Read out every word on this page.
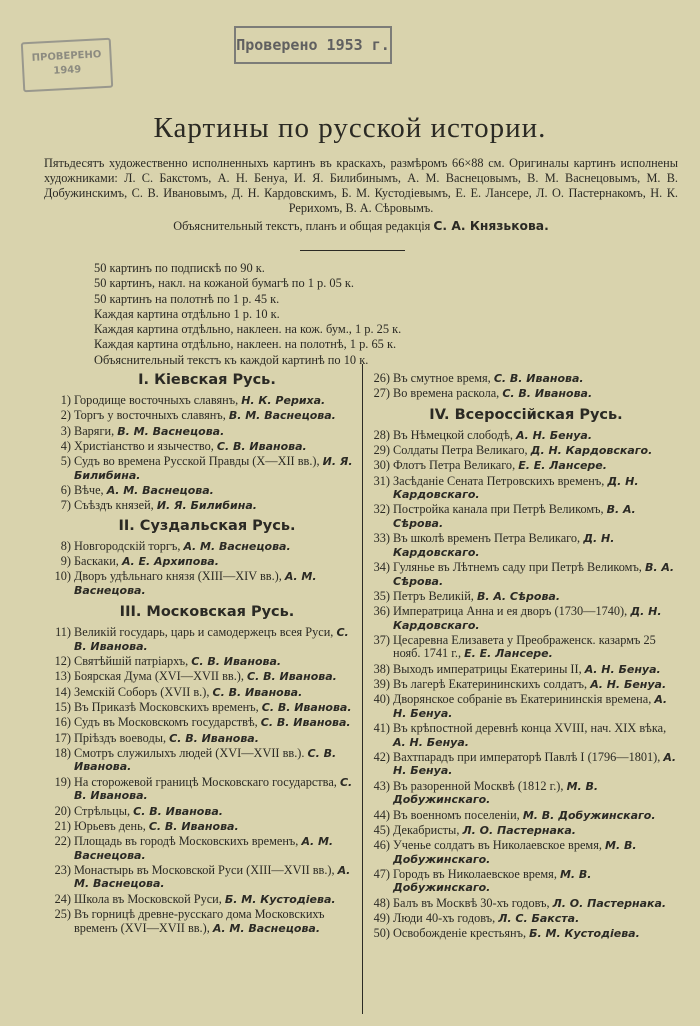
ПРОВЕРЕНО 1949
Проверено 1953 г.
Картины по русской истории.
Пятьдесятъ художественно исполненныхъ картинъ въ краскахъ, размѣромъ 66×88 см. Оригиналы картинъ исполнены художниками: Л. С. Бакстомъ, А. Н. Бенуа, И. Я. Билибинымъ, А. М. Васнецовымъ, В. М. Васнецовымъ, М. В. Добужинскимъ, С. В. Ивановымъ, Д. Н. Кардовскимъ, Б. М. Кустодіевымъ, Е. Е. Лансере, Л. О. Пастернакомъ, Н. К. Рерихомъ, В. А. Сѣровымъ.
Объяснительный текстъ, планъ и общая редакція С. А. Князькова.
50 картинъ по подпискѣ по 90 к.
50 картинъ, накл. на кожаной бумагѣ по 1 р. 05 к.
50 картинъ на полотнѣ по 1 р. 45 к.
Каждая картина отдѣльно 1 р. 10 к.
Каждая картина отдѣльно, наклеен. на кож. бум., 1 р. 25 к.
Каждая картина отдѣльно, наклеен. на полотнѣ, 1 р. 65 к.
Объяснительный текстъ къ каждой картинѣ по 10 к.
I. Кіевская Русь.
1) Городище восточныхъ славянъ, Н. К. Рериха.
2) Торгъ у восточныхъ славянъ, В. М. Васнецова.
3) Варяги, В. М. Васнецова.
4) Христіанство и язычество, С. В. Иванова.
5) Судъ во времена Русской Правды (X—XII вв.), И. Я. Билибина.
6) Вѣче, А. М. Васнецова.
7) Съѣздъ князей, И. Я. Билибина.
II. Суздальская Русь.
8) Новгородскій торгъ, А. М. Васнецова.
9) Баскаки, А. Е. Архипова.
10) Дворъ удѣльнаго князя (XIII—XIV вв.), А. М. Васнецова.
III. Московская Русь.
11) Великій государь, царь и самодержецъ всея Руси, С. В. Иванова.
12) Святѣйшій патріархъ, С. В. Иванова.
13) Боярская Дума (XVI—XVII вв.), С. В. Иванова.
14) Земскій Соборъ (XVII в.), С. В. Иванова.
15) Въ Приказѣ Московскихъ временъ, С. В. Иванова.
16) Судъ въ Московскомъ государствѣ, С. В. Иванова.
17) Пріѣздъ воеводы, С. В. Иванова.
18) Смотръ служилыхъ людей (XVI—XVII вв.). С. В. Иванова.
19) На сторожевой границѣ Московскаго государства, С. В. Иванова.
20) Стрѣльцы, С. В. Иванова.
21) Юрьевъ день, С. В. Иванова.
22) Площадь въ городѣ Московскихъ временъ, А. М. Васнецова.
23) Монастырь въ Московской Руси (XIII—XVII вв.), А. М. Васнецова.
24) Школа въ Московской Руси, Б. М. Кустодіева.
25) Въ горницѣ древне-русскаго дома Московскихъ временъ (XVI—XVII вв.), А. М. Васнецова.
26) Въ смутное время, С. В. Иванова.
27) Во времена раскола, С. В. Иванова.
IV. Всероссійская Русь.
28) Въ Нѣмецкой слободѣ, А. Н. Бенуа.
29) Солдаты Петра Великаго, Д. Н. Кардовскаго.
30) Флотъ Петра Великаго, Е. Е. Лансере.
31) Засѣданіе Сената Петровскихъ временъ, Д. Н. Кардовскаго.
32) Постройка канала при Петрѣ Великомъ, В. А. Сѣрова.
33) Въ школѣ временъ Петра Великаго, Д. Н. Кардовскаго.
34) Гулянье въ Лѣтнемъ саду при Петрѣ Великомъ, В. А. Сѣрова.
35) Петръ Великій, В. А. Сѣрова.
36) Императрица Анна и ея дворъ (1730—1740), Д. Н. Кардовскаго.
37) Цесаревна Елизавета у Преображенск. казармъ 25 нояб. 1741 г., Е. Е. Лансере.
38) Выходъ императрицы Екатерины II, А. Н. Бенуа.
39) Въ лагерѣ Екатерининскихъ солдатъ, А. Н. Бенуа.
40) Дворянское собраніе въ Екатерининскія времена, А. Н. Бенуа.
41) Въ крѣпостной деревнѣ конца XVIII, нач. XIX вѣка, А. Н. Бенуа.
42) Вахтпарадъ при императорѣ Павлѣ I (1796—1801), А. Н. Бенуа.
43) Въ разоренной Москвѣ (1812 г.), М. В. Добужинскаго.
44) Въ военномъ поселеніи, М. В. Добужинскаго.
45) Декабристы, Л. О. Пастернака.
46) Ученье солдатъ въ Николаевское время, М. В. Добужинскаго.
47) Городъ въ Николаевское время, М. В. Добужинскаго.
48) Балъ въ Москвѣ 30-хъ годовъ, Л. О. Пастернака.
49) Люди 40-хъ годовъ, Л. С. Бакста.
50) Освобожденіе крестьянъ, Б. М. Кустодіева.
